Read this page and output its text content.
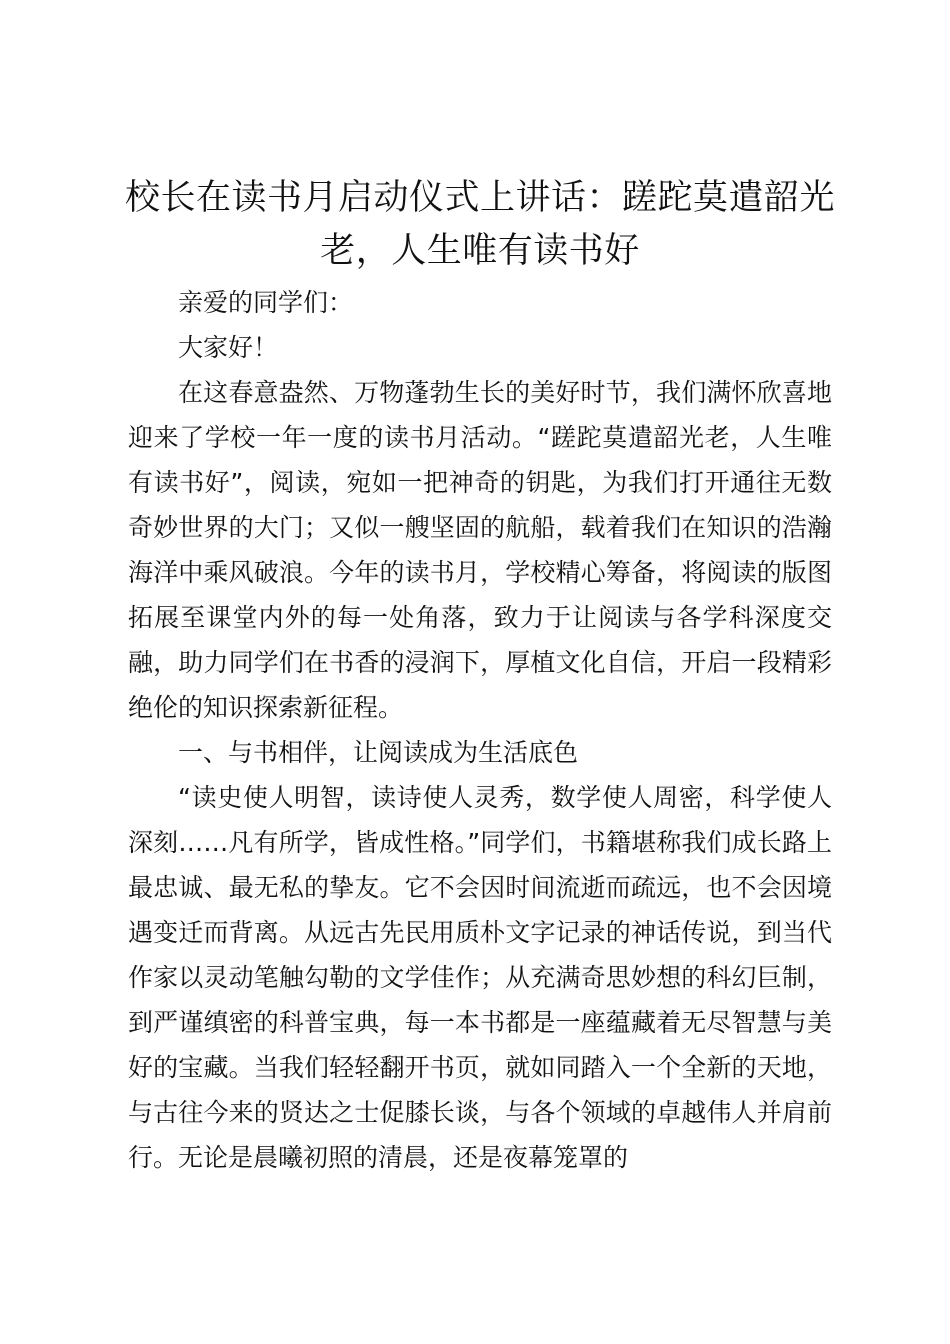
校长在读书月启动仪式上讲话：蹉跎莫遣韶光老，人生唯有读书好

亲爱的同学们：

大家好！

在这春意盎然、万物蓬勃生长的美好时节，我们满怀欣喜地迎来了学校一年一度的读书月活动。“蹉跎莫遣韶光老，人生唯有读书好”，阅读，宛如一把神奇的钥匙，为我们打开通往无数奇妙世界的大门；又似一艘坚固的航船，载着我们在知识的浩瀚海洋中乘风破浪。今年的读书月，学校精心筹备，将阅读的版图拓展至课堂内外的每一处角落，致力于让阅读与各学科深度交融，助力同学们在书香的浸润下，厚植文化自信，开启一段精彩绝伦的知识探索新征程。

一、与书相伴，让阅读成为生活底色

“读史使人明智，读诗使人灵秀，数学使人周密，科学使人深刻……凡有所学，皆成性格。”同学们，书籍堪称我们成长路上最忠诚、最无私的挚友。它不会因时间流逝而疏远，也不会因境遇变迁而背离。从远古先民用质朴文字记录的神话传说，到当代作家以灵动笔触勾勒的文学佳作；从充满奇思妙想的科幻巨制，到严谨缜密的科普宝典，每一本书都是一座蕴藏着无尽智慧与美好的宝藏。当我们轻轻翻开书页，就如同踏入一个全新的天地，与古往今来的贤达之士促膝长谈，与各个领域的卓越伟人并肩前行。无论是晨曦初照的清晨，还是夜幕笼罩的
